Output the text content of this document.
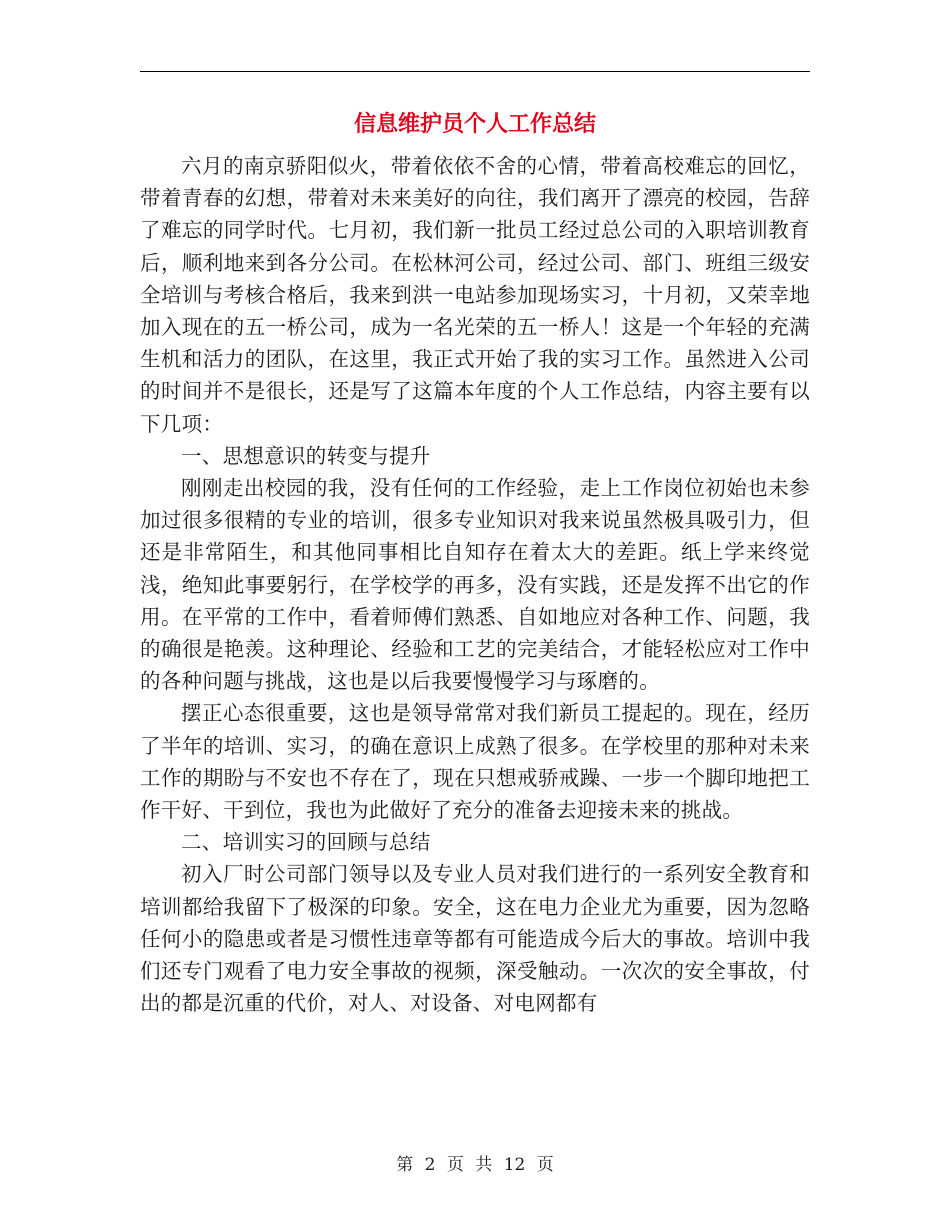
信息维护员个人工作总结

六月的南京骄阳似火，带着依依不舍的心情，带着高校难忘的回忆，带着青春的幻想，带着对未来美好的向往，我们离开了漂亮的校园，告辞了难忘的同学时代。七月初，我们新一批员工经过总公司的入职培训教育后，顺利地来到各分公司。在松林河公司，经过公司、部门、班组三级安全培训与考核合格后，我来到洪一电站参加现场实习，十月初，又荣幸地加入现在的五一桥公司，成为一名光荣的五一桥人！这是一个年轻的充满生机和活力的团队，在这里，我正式开始了我的实习工作。虽然进入公司的时间并不是很长，还是写了这篇本年度的个人工作总结，内容主要有以下几项：

一、思想意识的转变与提升

刚刚走出校园的我，没有任何的工作经验，走上工作岗位初始也未参加过很多很精的专业的培训，很多专业知识对我来说虽然极具吸引力，但还是非常陌生，和其他同事相比自知存在着太大的差距。纸上学来终觉浅，绝知此事要躬行，在学校学的再多，没有实践，还是发挥不出它的作用。在平常的工作中，看着师傅们熟悉、自如地应对各种工作、问题，我的确很是艳羡。这种理论、经验和工艺的完美结合，才能轻松应对工作中的各种问题与挑战，这也是以后我要慢慢学习与琢磨的。

摆正心态很重要，这也是领导常常对我们新员工提起的。现在，经历了半年的培训、实习，的确在意识上成熟了很多。在学校里的那种对未来工作的期盼与不安也不存在了，现在只想戒骄戒躁、一步一个脚印地把工作干好、干到位，我也为此做好了充分的准备去迎接未来的挑战。

二、培训实习的回顾与总结

初入厂时公司部门领导以及专业人员对我们进行的一系列安全教育和培训都给我留下了极深的印象。安全，这在电力企业尤为重要，因为忽略任何小的隐患或者是习惯性违章等都有可能造成今后大的事故。培训中我们还专门观看了电力安全事故的视频，深受触动。一次次的安全事故，付出的都是沉重的代价，对人、对设备、对电网都有

第 2 页 共 12 页
